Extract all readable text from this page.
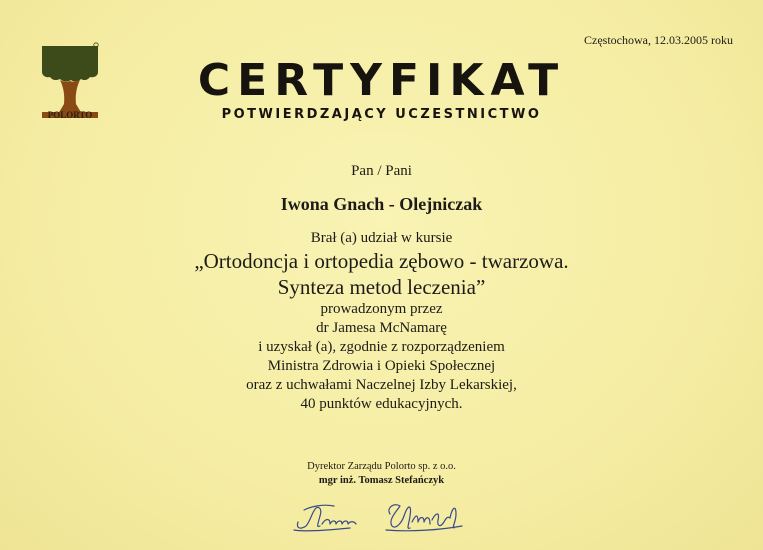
Częstochowa, 12.03.2005 roku
POLORTO
CERTYFIKAT
POTWIERDZAJĄCY UCZESTNICTWO
Pan / Pani
Iwona Gnach - Olejniczak
Brał (a) udział w kursie
„Ortodoncja i ortopedia zębowo - twarzowa.
Synteza metod leczenia”
prowadzonym przez
dr Jamesa McNamarę
i uzyskał (a), zgodnie z rozporządzeniem
Ministra Zdrowia i Opieki Społecznej
oraz z uchwałami Naczelnej Izby Lekarskiej,
40 punktów edukacyjnych.
Dyrektor Zarządu Polorto sp. z o.o.
mgr inż. Tomasz Stefańczyk
